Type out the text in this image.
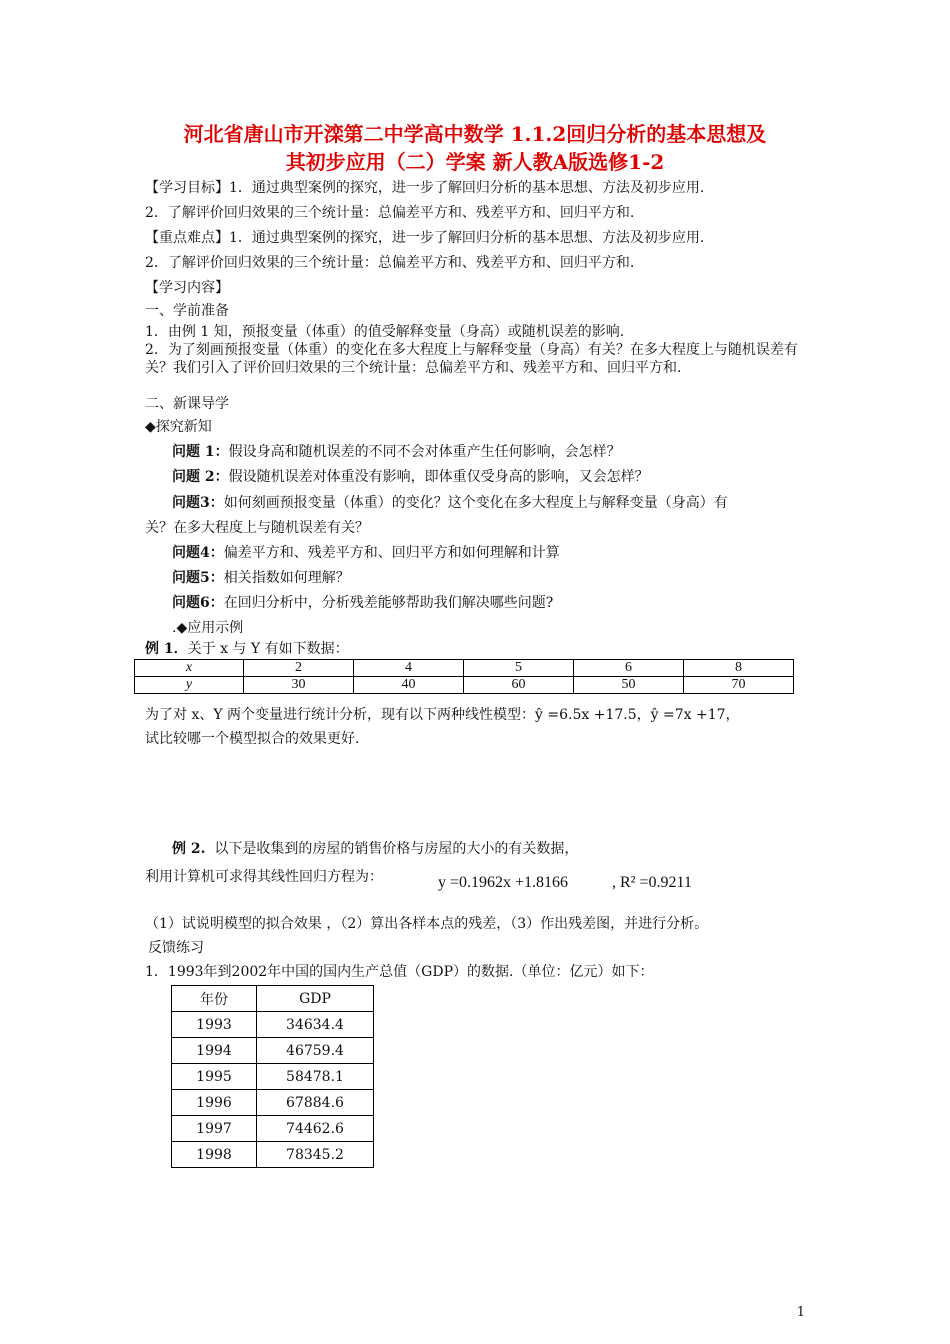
河北省唐山市开滦第二中学高中数学 1.1.2回归分析的基本思想及
其初步应用（二）学案 新人教A版选修1-2
【学习目标】1．通过典型案例的探究，进一步了解回归分析的基本思想、方法及初步应用.
2．了解评价回归效果的三个统计量：总偏差平方和、残差平方和、回归平方和.
【重点难点】1．通过典型案例的探究，进一步了解回归分析的基本思想、方法及初步应用.
2．了解评价回归效果的三个统计量：总偏差平方和、残差平方和、回归平方和.
【学习内容】
一、学前准备
1．由例 1 知，预报变量（体重）的值受解释变量（身高）或随机误差的影响.
2．为了刻画预报变量（体重）的变化在多大程度上与解释变量（身高）有关？在多大程度上与随机误差有关？我们引入了评价回归效果的三个统计量：总偏差平方和、残差平方和、回归平方和.
二、新课导学
◆探究新知
问题 1：假设身高和随机误差的不同不会对体重产生任何影响，会怎样？
问题 2：假设随机误差对体重没有影响，即体重仅受身高的影响，又会怎样？
问题3：如何刻画预报变量（体重）的变化？这个变化在多大程度上与解释变量（身高）有
关？在多大程度上与随机误差有关？
问题4：偏差平方和、残差平方和、回归平方和如何理解和计算
问题5：相关指数如何理解？
问题6：在回归分析中，分析残差能够帮助我们解决哪些问题?
.◆应用示例
例 1．关于 x 与 Y 有如下数据：
x	2	4	5	6	8
y	30	40	60	50	70
为了对 x、Y 两个变量进行统计分析，现有以下两种线性模型：ŷ =6.5x +17.5，ŷ =7x +17，
试比较哪一个模型拟合的效果更好.
例 2. 以下是收集到的房屋的销售价格与房屋的大小的有关数据，
利用计算机可求得其线性回归方程为：	y =0.1962x +1.8166	, R² =0.9211
（1）试说明模型的拟合效果 ，（2）算出各样本点的残差，（3）作出残差图，并进行分析。
反馈练习
1．1993年到2002年中国的国内生产总值（GDP）的数据.（单位：亿元）如下：
年份	GDP
1993	34634.4
1994	46759.4
1995	58478.1
1996	67884.6
1997	74462.6
1998	78345.2
1
